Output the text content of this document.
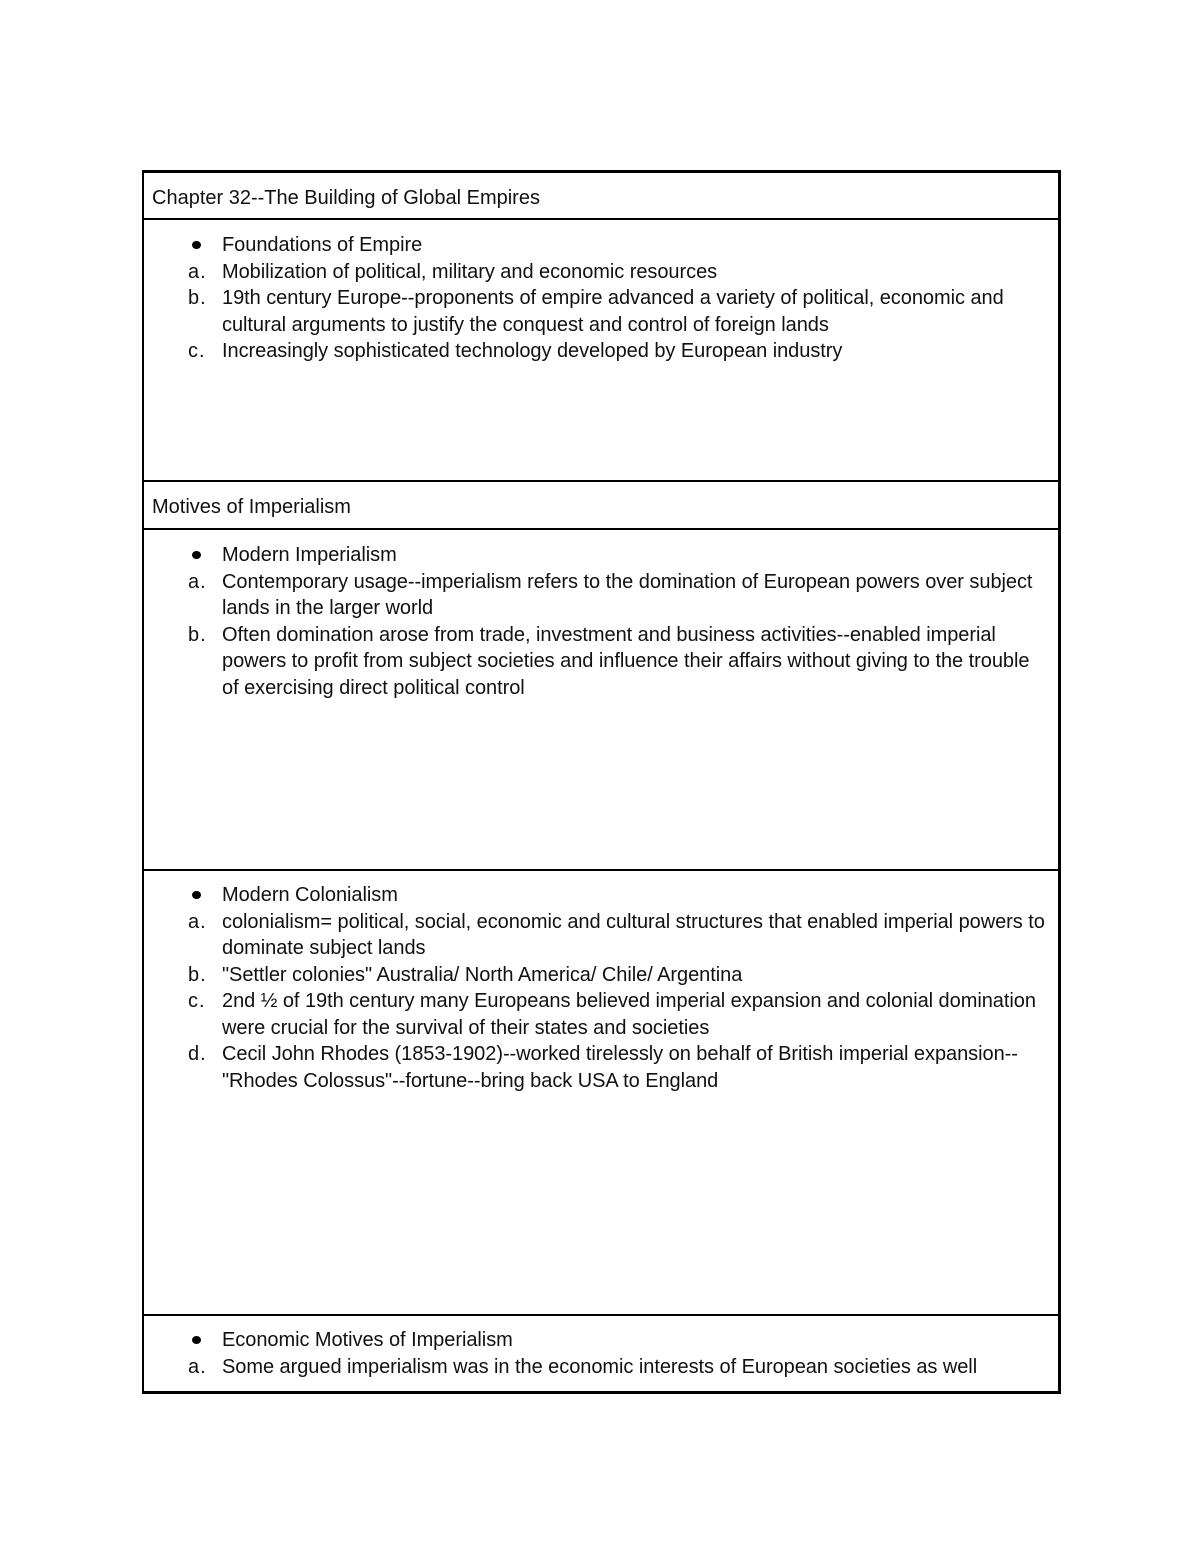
Chapter 32--The Building of Global Empires
Foundations of Empire
a. Mobilization of political, military and economic resources
b. 19th century Europe--proponents of empire advanced a variety of political, economic and cultural arguments to justify the conquest and control of foreign lands
c. Increasingly sophisticated technology developed by European industry
Motives of Imperialism
Modern Imperialism
a. Contemporary usage--imperialism refers to the domination of European powers over subject lands in the larger world
b. Often domination arose from trade, investment and business activities--enabled imperial powers to profit from subject societies and influence their affairs without giving to the trouble of exercising direct political control
Modern Colonialism
a. colonialism= political, social, economic and cultural structures that enabled imperial powers to dominate subject lands
b. "Settler colonies" Australia/ North America/ Chile/ Argentina
c. 2nd ½ of 19th century many Europeans believed imperial expansion and colonial domination were crucial for the survival of their states and societies
d. Cecil John Rhodes (1853-1902)--worked tirelessly on behalf of British imperial expansion--"Rhodes Colossus"--fortune--bring back USA to England
Economic Motives of Imperialism
a. Some argued imperialism was in the economic interests of European societies as well
